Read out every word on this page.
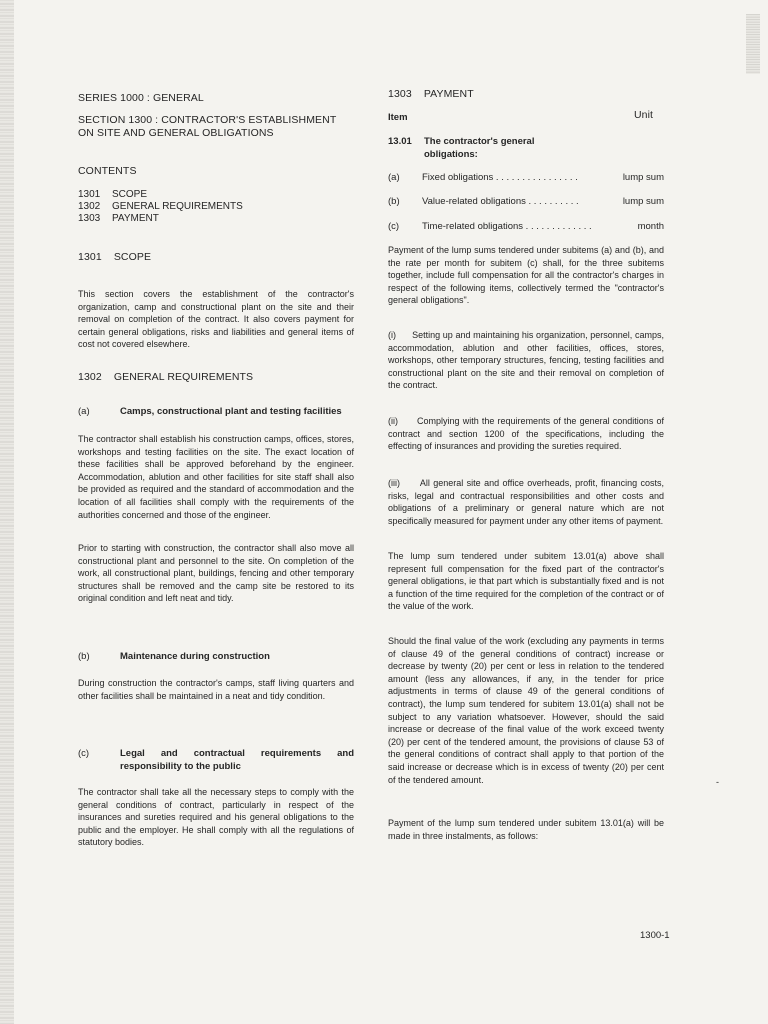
SERIES 1000 : GENERAL

SECTION 1300 : CONTRACTOR'S ESTABLISHMENT ON SITE AND GENERAL OBLIGATIONS

CONTENTS

1301 SCOPE
1302 GENERAL REQUIREMENTS
1303 PAYMENT

1301    SCOPE

This section covers the establishment of the contractor's organization, camp and constructional plant on the site and their removal on completion of the contract. It also covers payment for certain general obligations, risks and liabilities and general items of cost not covered elsewhere.

1302    GENERAL REQUIREMENTS

(a)	Camps, constructional plant and testing facilities

The contractor shall establish his construction camps, offices, stores, workshops and testing facilities on the site. The exact location of these facilities shall be approved beforehand by the engineer. Accommodation, ablution and other facilities for site staff shall also be provided as required and the standard of accommodation and the location of all facilities shall comply with the requirements of the authorities concerned and those of the engineer.

Prior to starting with construction, the contractor shall also move all constructional plant and personnel to the site. On completion of the work, all constructional plant, buildings, fencing and other temporary structures shall be removed and the camp site be restored to its original condition and left neat and tidy.

(b)	Maintenance during construction

During construction the contractor's camps, staff living quarters and other facilities shall be maintained in a neat and tidy condition.

(c)	Legal and contractual requirements and responsibility to the public

The contractor shall take all the necessary steps to comply with the general conditions of contract, particularly in respect of the insurances and sureties required and his general obligations to the public and the employer. He shall comply with all the regulations of statutory bodies.

1303    PAYMENT

Item	Unit

13.01	The contractor's general obligations:
(a)	Fixed obligations . . . . . . . . . . . . . . . .	lump sum
(b)	Value-related obligations . . . . . . . . . .	lump sum
(c)	Time-related obligations . . . . . . . . . . . . .	month

Payment of the lump sums tendered under subitems (a) and (b), and the rate per month for subitem (c) shall, for the three subitems together, include full compensation for all the contractor's charges in respect of the following items, collectively termed the "contractor's general obligations".

(i)      Setting up and maintaining his organization, personnel, camps, accommodation, ablution and other facilities, offices, stores, workshops, other temporary structures, fencing, testing facilities and constructional plant on the site and their removal on completion of the contract.

(ii)      Complying with the requirements of the general conditions of contract and section 1200 of the specifications, including the effecting of insurances and providing the sureties required.

(iii)      All general site and office overheads, profit, financing costs, risks, legal and contractual responsibilities and other costs and obligations of a preliminary or general nature which are not specifically measured for payment under any other items of payment.

The lump sum tendered under subitem 13.01(a) above shall represent full compensation for the fixed part of the contractor's general obligations, ie that part which is substantially fixed and is not a function of the time required for the completion of the contract or of the value of the work.

Should the final value of the work (excluding any payments in terms of clause 49 of the general conditions of contract) increase or decrease by twenty (20) per cent or less in relation to the tendered amount (less any allowances, if any, in the tender for price adjustments in terms of clause 49 of the general conditions of contract), the lump sum tendered for subitem 13.01(a) shall not be subject to any variation whatsoever. However, should the said increase or decrease of the final value of the work exceed twenty (20) per cent of the tendered amount, the provisions of clause 53 of the general conditions of contract shall apply to that portion of the said increase or decrease which is in excess of twenty (20) per cent of the tendered amount.

Payment of the lump sum tendered under subitem 13.01(a) will be made in three instalments, as follows:

-
1300-1
